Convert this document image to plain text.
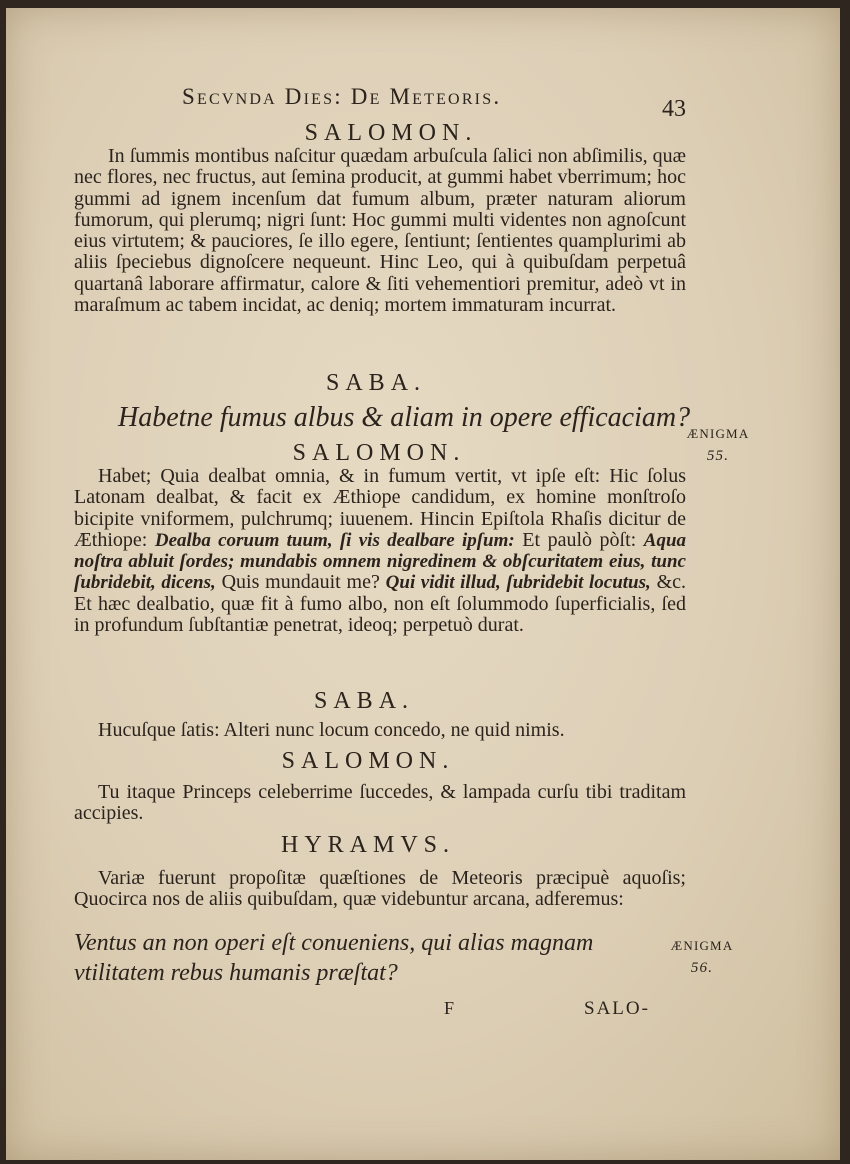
Secvnda Dies: De Meteoris.	43
SALOMON.
In ſummis montibus naſcitur quædam arbuſcula ſalici non abſimilis, quæ nec flores, nec fructus, aut ſemina producit, at gummi habet vberrimum; hoc gummi ad ignem incenſum dat fumum album, præter naturam aliorum fumorum, qui plerumq; nigri ſunt: Hoc gummi multi videntes non agnoſcunt eius virtutem; & pauciores, ſe illo egere, ſentiunt; ſentientes quamplurimi ab aliis ſpeciebus dignoſcere nequeunt. Hinc Leo, qui à quibuſdam perpetuâ quartanâ laborare affirmatur, calore & ſiti vehementiori premitur, adeò vt in maraſmum ac tabem incidat, ac deniq; mortem immaturam incurrat.
SABA.
Habetne fumus albus & aliam in opere efficaciam?
ÆNIGMA
55.
SALOMON.
Habet; Quia dealbat omnia, & in fumum vertit, vt ipſe eſt: Hic ſolus Latonam dealbat, & facit ex Æthiope candidum, ex homine monſtroſo bicipite vniformem, pulchrumq; iuuenem. Hincin Epiſtola Rhaſis dicitur de Æthiope: Dealba coruum tuum, ſi vis dealbare ipſum: Et paulò pòſt: Aqua noſtra abluit ſordes; mundabis omnem nigredinem & obſcuritatem eius, tunc ſubridebit, dicens, Quis mundauit me? Qui vidit illud, ſubridebit locutus, &c. Et hæc dealbatio, quæ fit à fumo albo, non eſt ſolummodo ſuperficialis, ſed in profundum ſubſtantiæ penetrat, ideoq; perpetuò durat.
SABA.
Hucuſque ſatis: Alteri nunc locum concedo, ne quid nimis.
SALOMON.
Tu itaque Princeps celeberrime ſuccedes, & lampada curſu tibi traditam accipies.
HYRAMVS.
Variæ fuerunt propoſitæ quæſtiones de Meteoris præcipuè aquoſis; Quocirca nos de aliis quibuſdam, quæ videbuntur arcana, adferemus:
Ventus an non operi eſt conueniens, qui alias magnam vtilitatem rebus humanis præſtat?
ÆNIGMA
56.
F	SALO-
